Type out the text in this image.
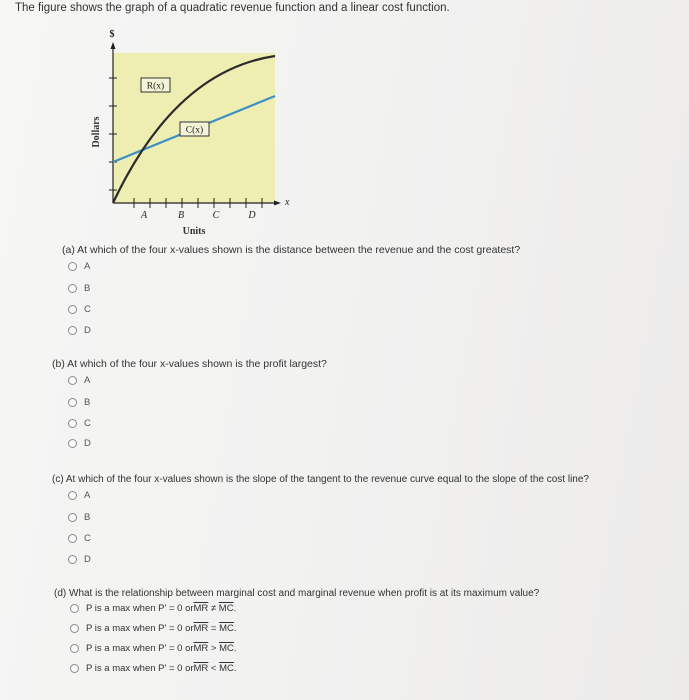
The figure shows the graph of a quadratic revenue function and a linear cost function.
R(x)
C(x)
$
x
Dollars
A	B	C	D
Units
(a) At which of the four x-values shown is the distance between the revenue and the cost greatest?
A
B
C
D
(b) At which of the four x-values shown is the profit largest?
A
B
C
D
(c) At which of the four x-values shown is the slope of the tangent to the revenue curve equal to the slope of the cost line?
A
B
C
D
(d) What is the relationship between marginal cost and marginal revenue when profit is at its maximum value?
P is a max when P' = 0 or $\overline{MR} \ne \overline{MC}$ .
P is a max when P' = 0 or $\overline{MR} = \overline{MC}$ .
P is a max when P' = 0 or $\overline{MR} > \overline{MC}$ .
P is a max when P' = 0 or $\overline{MR} < \overline{MC}$ .
